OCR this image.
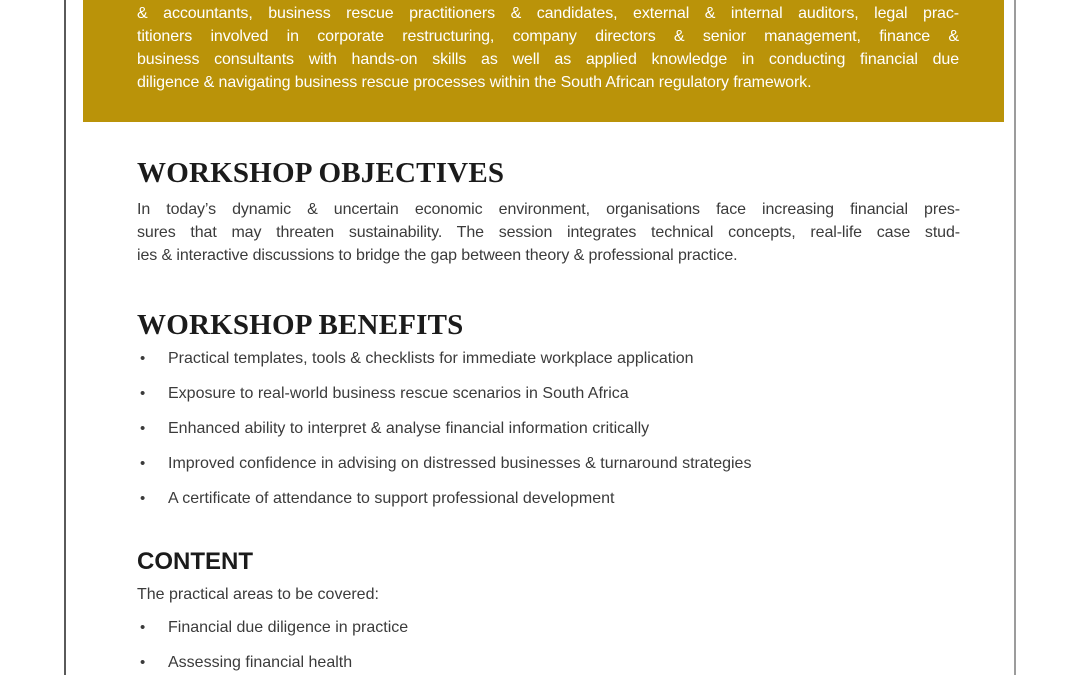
& accountants, business rescue practitioners & candidates, external & internal auditors, legal prac-
titioners involved in corporate restructuring, company directors & senior management, finance &
business consultants with hands-on skills as well as applied knowledge in conducting financial due
diligence & navigating business rescue processes within the South African regulatory framework.
WORKSHOP OBJECTIVES
In today’s dynamic & uncertain economic environment, organisations face increasing financial pres-
sures that may threaten sustainability. The session integrates technical concepts, real-life case stud-
ies & interactive discussions to bridge the gap between theory & professional practice.
WORKSHOP BENEFITS
• Practical templates, tools & checklists for immediate workplace application
• Exposure to real-world business rescue scenarios in South Africa
• Enhanced ability to interpret & analyse financial information critically
• Improved confidence in advising on distressed businesses & turnaround strategies
• A certificate of attendance to support professional development
CONTENT

The practical areas to be covered:

• Financial due diligence in practice
• Assessing financial health
